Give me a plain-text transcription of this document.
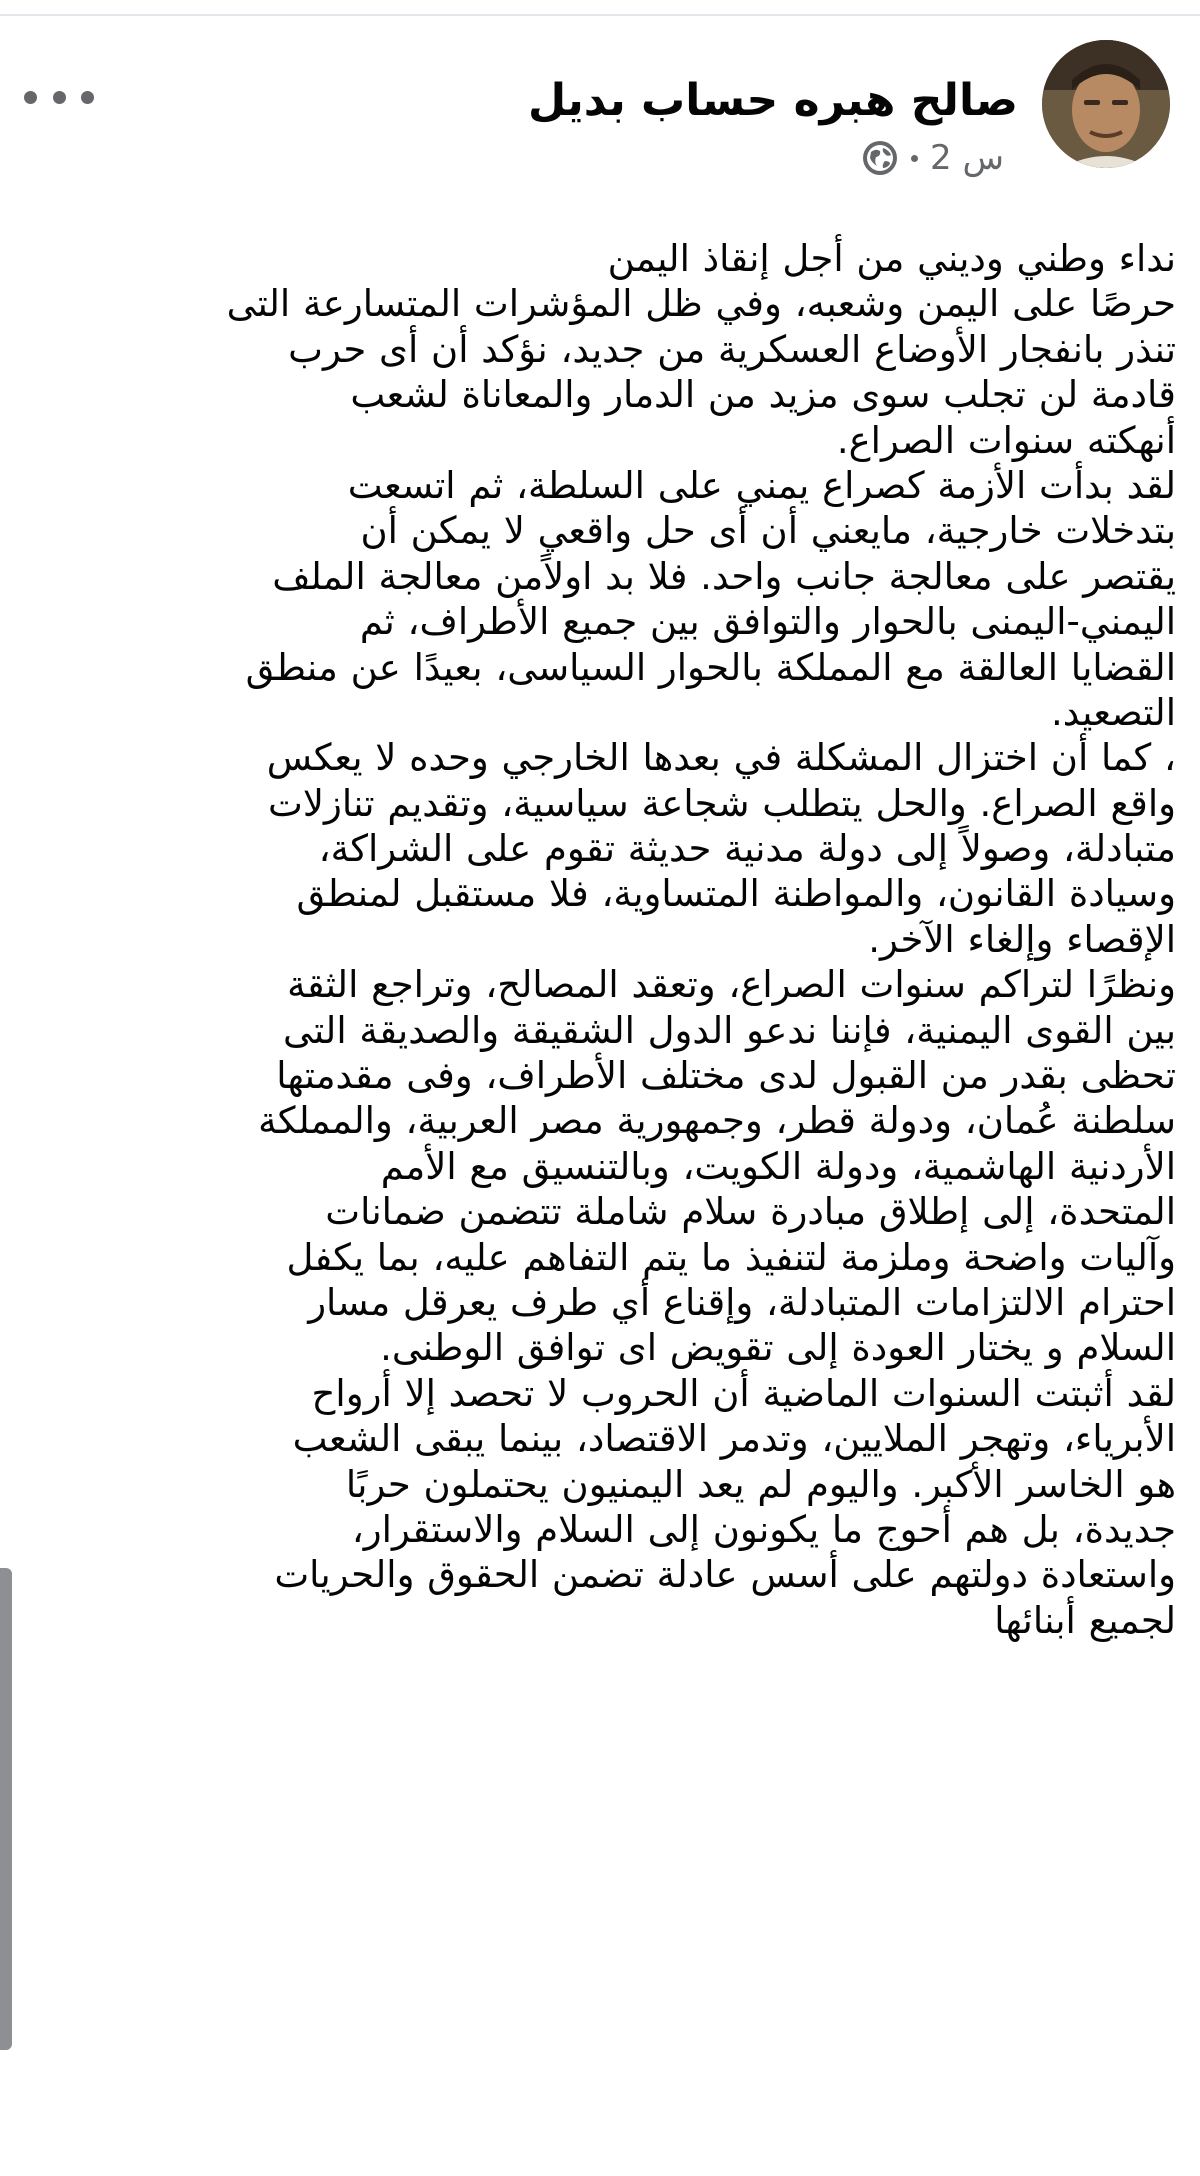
صالح هبره حساب بديل
2 س
نداء وطني وديني من أجل إنقاذ اليمن
حرصًا على اليمن وشعبه، وفي ظل المؤشرات المتسارعة التى
تنذر بانفجار الأوضاع العسكرية من جديد، نؤكد أن أى حرب
قادمة لن تجلب سوى مزيد من الدمار والمعاناة لشعب
أنهكته سنوات الصراع.
لقد بدأت الأزمة كصراع يمني على السلطة، ثم اتسعت
بتدخلات خارجية، مايعني أن أى حل واقعي لا يمكن أن
يقتصر على معالجة جانب واحد. فلا بد اولاًمن معالجة الملف
اليمني-اليمنى بالحوار والتوافق بين جميع الأطراف، ثم
القضايا العالقة مع المملكة بالحوار السياسى، بعيدًا عن منطق
التصعيد.
، كما أن اختزال المشكلة في بعدها الخارجي وحده لا يعكس
واقع الصراع. والحل يتطلب شجاعة سياسية، وتقديم تنازلات
متبادلة، وصولاً إلى دولة مدنية حديثة تقوم على الشراكة،
وسيادة القانون، والمواطنة المتساوية، فلا مستقبل لمنطق
الإقصاء وإلغاء الآخر.
ونظرًا لتراكم سنوات الصراع، وتعقد المصالح، وتراجع الثقة
بين القوى اليمنية، فإننا ندعو الدول الشقيقة والصديقة التى
تحظى بقدر من القبول لدى مختلف الأطراف، وفى مقدمتها
سلطنة عُمان، ودولة قطر، وجمهورية مصر العربية، والمملكة
الأردنية الهاشمية، ودولة الكويت، وبالتنسيق مع الأمم
المتحدة، إلى إطلاق مبادرة سلام شاملة تتضمن ضمانات
وآليات واضحة وملزمة لتنفيذ ما يتم التفاهم عليه، بما يكفل
احترام الالتزامات المتبادلة، وإقناع أي طرف يعرقل مسار
السلام و يختار العودة إلى تقويض اى توافق الوطنى.
لقد أثبتت السنوات الماضية أن الحروب لا تحصد إلا أرواح
الأبرياء، وتهجر الملايين، وتدمر الاقتصاد، بينما يبقى الشعب
هو الخاسر الأكبر. واليوم لم يعد اليمنيون يحتملون حربًا
جديدة، بل هم أحوج ما يكونون إلى السلام والاستقرار،
واستعادة دولتهم على أسس عادلة تضمن الحقوق والحريات
لجميع أبنائها
